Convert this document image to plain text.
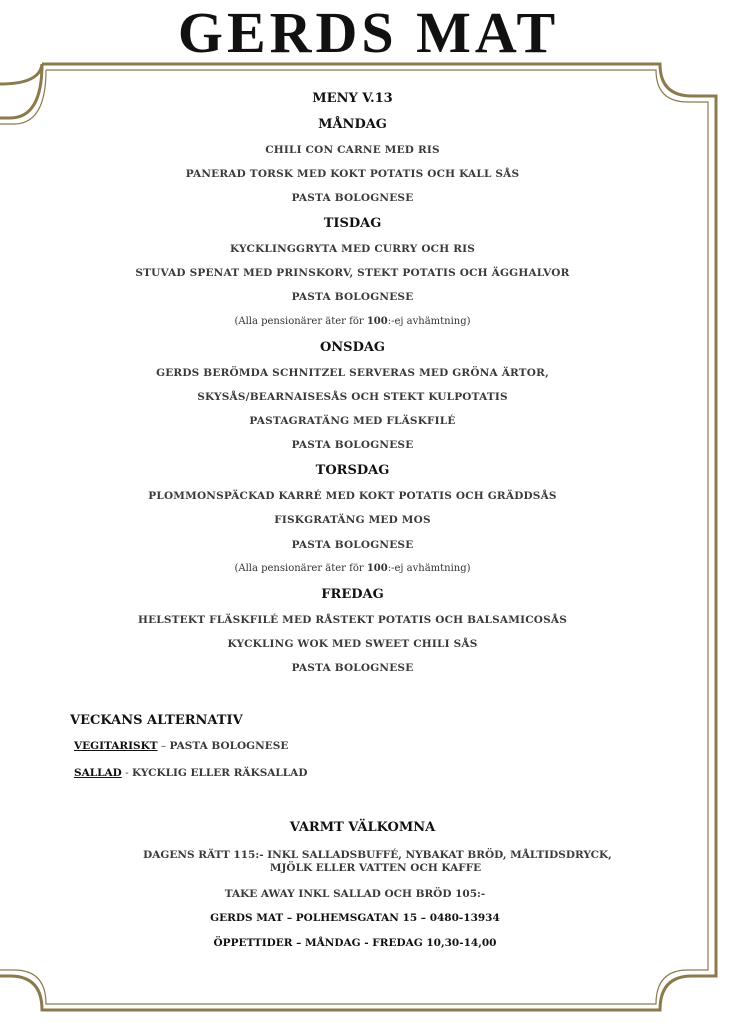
GERDS MAT
MENY V.13
MÅNDAG
CHILI CON CARNE MED RIS
PANERAD TORSK MED KOKT POTATIS OCH KALL SÅS
PASTA BOLOGNESE
TISDAG
KYCKLINGGRYTA MED CURRY OCH RIS
STUVAD SPENAT MED PRINSKORV, STEKT POTATIS OCH ÄGGHALVOR
PASTA BOLOGNESE
(Alla pensionärer äter för 100:-ej avhämtning)
ONSDAG
GERDS BERÖMDA SCHNITZEL SERVERAS MED GRÖNA ÄRTOR,
SKYSÅS/BEARNAISESÅS OCH STEKT KULPOTATIS
PASTAGRATÄNG MED FLÄSKFILÉ
PASTA BOLOGNESE
TORSDAG
PLOMMONSPÄCKAD KARRÉ MED KOKT POTATIS OCH GRÄDDSÅS
FISKGRATÄNG MED MOS
PASTA BOLOGNESE
(Alla pensionärer äter för 100:-ej avhämtning)
FREDAG
HELSTEKT FLÄSKFILÉ MED RÅSTEKT POTATIS OCH BALSAMICOSÅS
KYCKLING WOK MED SWEET CHILI SÅS
PASTA BOLOGNESE
VECKANS ALTERNATIV
VEGITARISKT – PASTA BOLOGNESE
SALLAD - KYCKLIG ELLER RÄKSALLAD
VARMT VÄLKOMNA
DAGENS RÄTT 115:- INKL SALLADSBUFFÉ, NYBAKAT BRÖD, MÅLTIDSDRYCK,
MJÖLK ELLER VATTEN OCH KAFFE
TAKE AWAY INKL SALLAD OCH BRÖD 105:-
GERDS MAT – POLHEMSGATAN 15 – 0480-13934
ÖPPETTIDER – MÅNDAG - FREDAG 10,30-14,00
